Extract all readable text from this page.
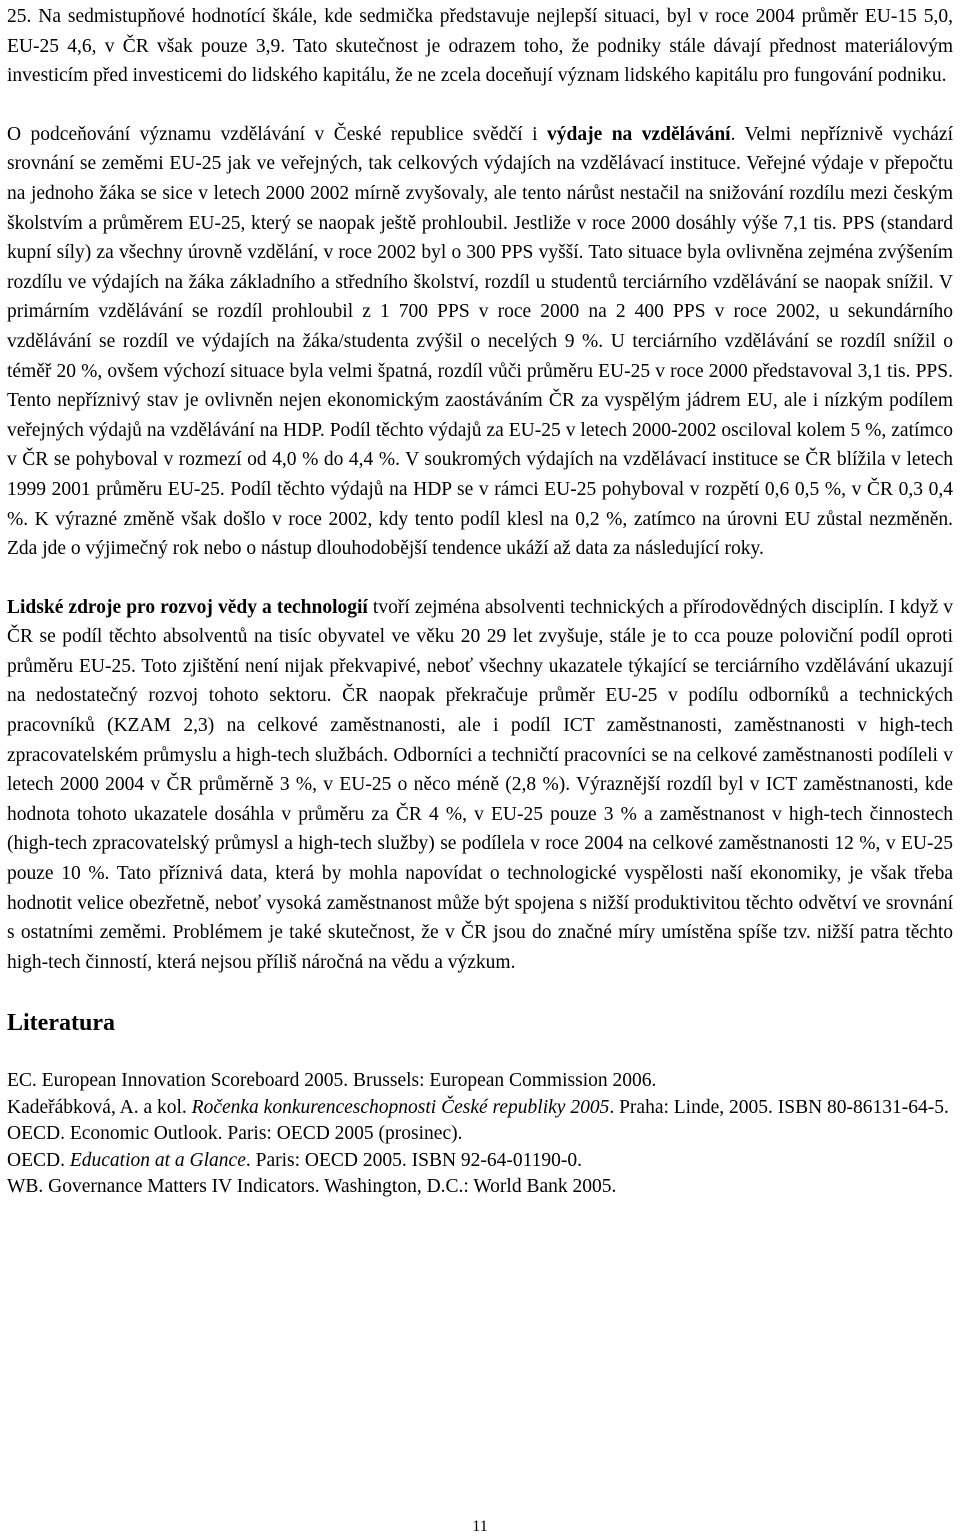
25. Na sedmistupňové hodnotící škále, kde sedmička představuje nejlepší situaci, byl v roce 2004 průměr EU-15 5,0, EU-25 4,6, v ČR však pouze 3,9. Tato skutečnost je odrazem toho, že podniky stále dávají přednost materiálovým investicím před investicemi do lidského kapitálu, že ne zcela doceňují význam lidského kapitálu pro fungování podniku.

O podceňování významu vzdělávání v České republice svědčí i výdaje na vzdělávání. Velmi nepříznivě vychází srovnání se zeměmi EU-25 jak ve veřejných, tak celkových výdajích na vzdělávací instituce. Veřejné výdaje v přepočtu na jednoho žáka se sice v letech 2000 2002 mírně zvyšovaly, ale tento nárůst nestačil na snižování rozdílu mezi českým školstvím a průměrem EU-25, který se naopak ještě prohloubil. Jestliže v roce 2000 dosáhly výše 7,1 tis. PPS (standard kupní síly) za všechny úrovně vzdělání, v roce 2002 byl o 300 PPS vyšší. Tato situace byla ovlivněna zejména zvýšením rozdílu ve výdajích na žáka základního a středního školství, rozdíl u studentů terciárního vzdělávání se naopak snížil. V primárním vzdělávání se rozdíl prohloubil z 1 700 PPS v roce 2000 na 2 400 PPS v roce 2002, u sekundárního vzdělávání se rozdíl ve výdajích na žáka/studenta zvýšil o necelých 9 %. U terciárního vzdělávání se rozdíl snížil o téměř 20 %, ovšem výchozí situace byla velmi špatná, rozdíl vůči průměru EU-25 v roce 2000 představoval 3,1 tis. PPS. Tento nepříznivý stav je ovlivněn nejen ekonomickým zaostáváním ČR za vyspělým jádrem EU, ale i nízkým podílem veřejných výdajů na vzdělávání na HDP. Podíl těchto výdajů za EU-25 v letech 2000-2002 osciloval kolem 5 %, zatímco v ČR se pohyboval v rozmezí od 4,0 % do 4,4 %. V soukromých výdajích na vzdělávací instituce se ČR blížila v letech 1999 2001 průměru EU-25. Podíl těchto výdajů na HDP se v rámci EU-25 pohyboval v rozpětí 0,6 0,5 %, v ČR 0,3 0,4 %. K výrazné změně však došlo v roce 2002, kdy tento podíl klesl na 0,2 %, zatímco na úrovni EU zůstal nezměněn. Zda jde o výjimečný rok nebo o nástup dlouhodobější tendence ukáží až data za následující roky.

Lidské zdroje pro rozvoj vědy a technologií tvoří zejména absolventi technických a přírodovědných disciplín. I když v ČR se podíl těchto absolventů na tisíc obyvatel ve věku 20 29 let zvyšuje, stále je to cca pouze poloviční podíl oproti průměru EU-25. Toto zjištění není nijak překvapivé, neboť všechny ukazatele týkající se terciárního vzdělávání ukazují na nedostatečný rozvoj tohoto sektoru. ČR naopak překračuje průměr EU-25 v podílu odborníků a technických pracovníků (KZAM 2,3) na celkové zaměstnanosti, ale i podíl ICT zaměstnanosti, zaměstnanosti v high-tech zpracovatelském průmyslu a high-tech službách. Odborníci a techničtí pracovníci se na celkové zaměstnanosti podíleli v letech 2000 2004 v ČR průměrně 3 %, v EU-25 o něco méně (2,8 %). Výraznější rozdíl byl v ICT zaměstnanosti, kde hodnota tohoto ukazatele dosáhla v průměru za ČR 4 %, v EU-25 pouze 3 % a zaměstnanost v high-tech činnostech (high-tech zpracovatelský průmysl a high-tech služby) se podílela v roce 2004 na celkové zaměstnanosti 12 %, v EU-25 pouze 10 %. Tato příznivá data, která by mohla napovídat o technologické vyspělosti naší ekonomiky, je však třeba hodnotit velice obezřetně, neboť vysoká zaměstnanost může být spojena s nižší produktivitou těchto odvětví ve srovnání s ostatními zeměmi. Problémem je také skutečnost, že v ČR jsou do značné míry umístěna spíše tzv. nižší patra těchto high-tech činností, která nejsou příliš náročná na vědu a výzkum.

Literatura
EC. European Innovation Scoreboard 2005. Brussels: European Commission 2006.
Kadeřábková, A. a kol. Ročenka konkurenceschopnosti České republiky 2005. Praha: Linde, 2005. ISBN 80-86131-64-5.
OECD. Economic Outlook. Paris: OECD 2005 (prosinec).
OECD. Education at a Glance. Paris: OECD 2005. ISBN 92-64-01190-0.
WB. Governance Matters IV Indicators. Washington, D.C.: World Bank 2005.
11
